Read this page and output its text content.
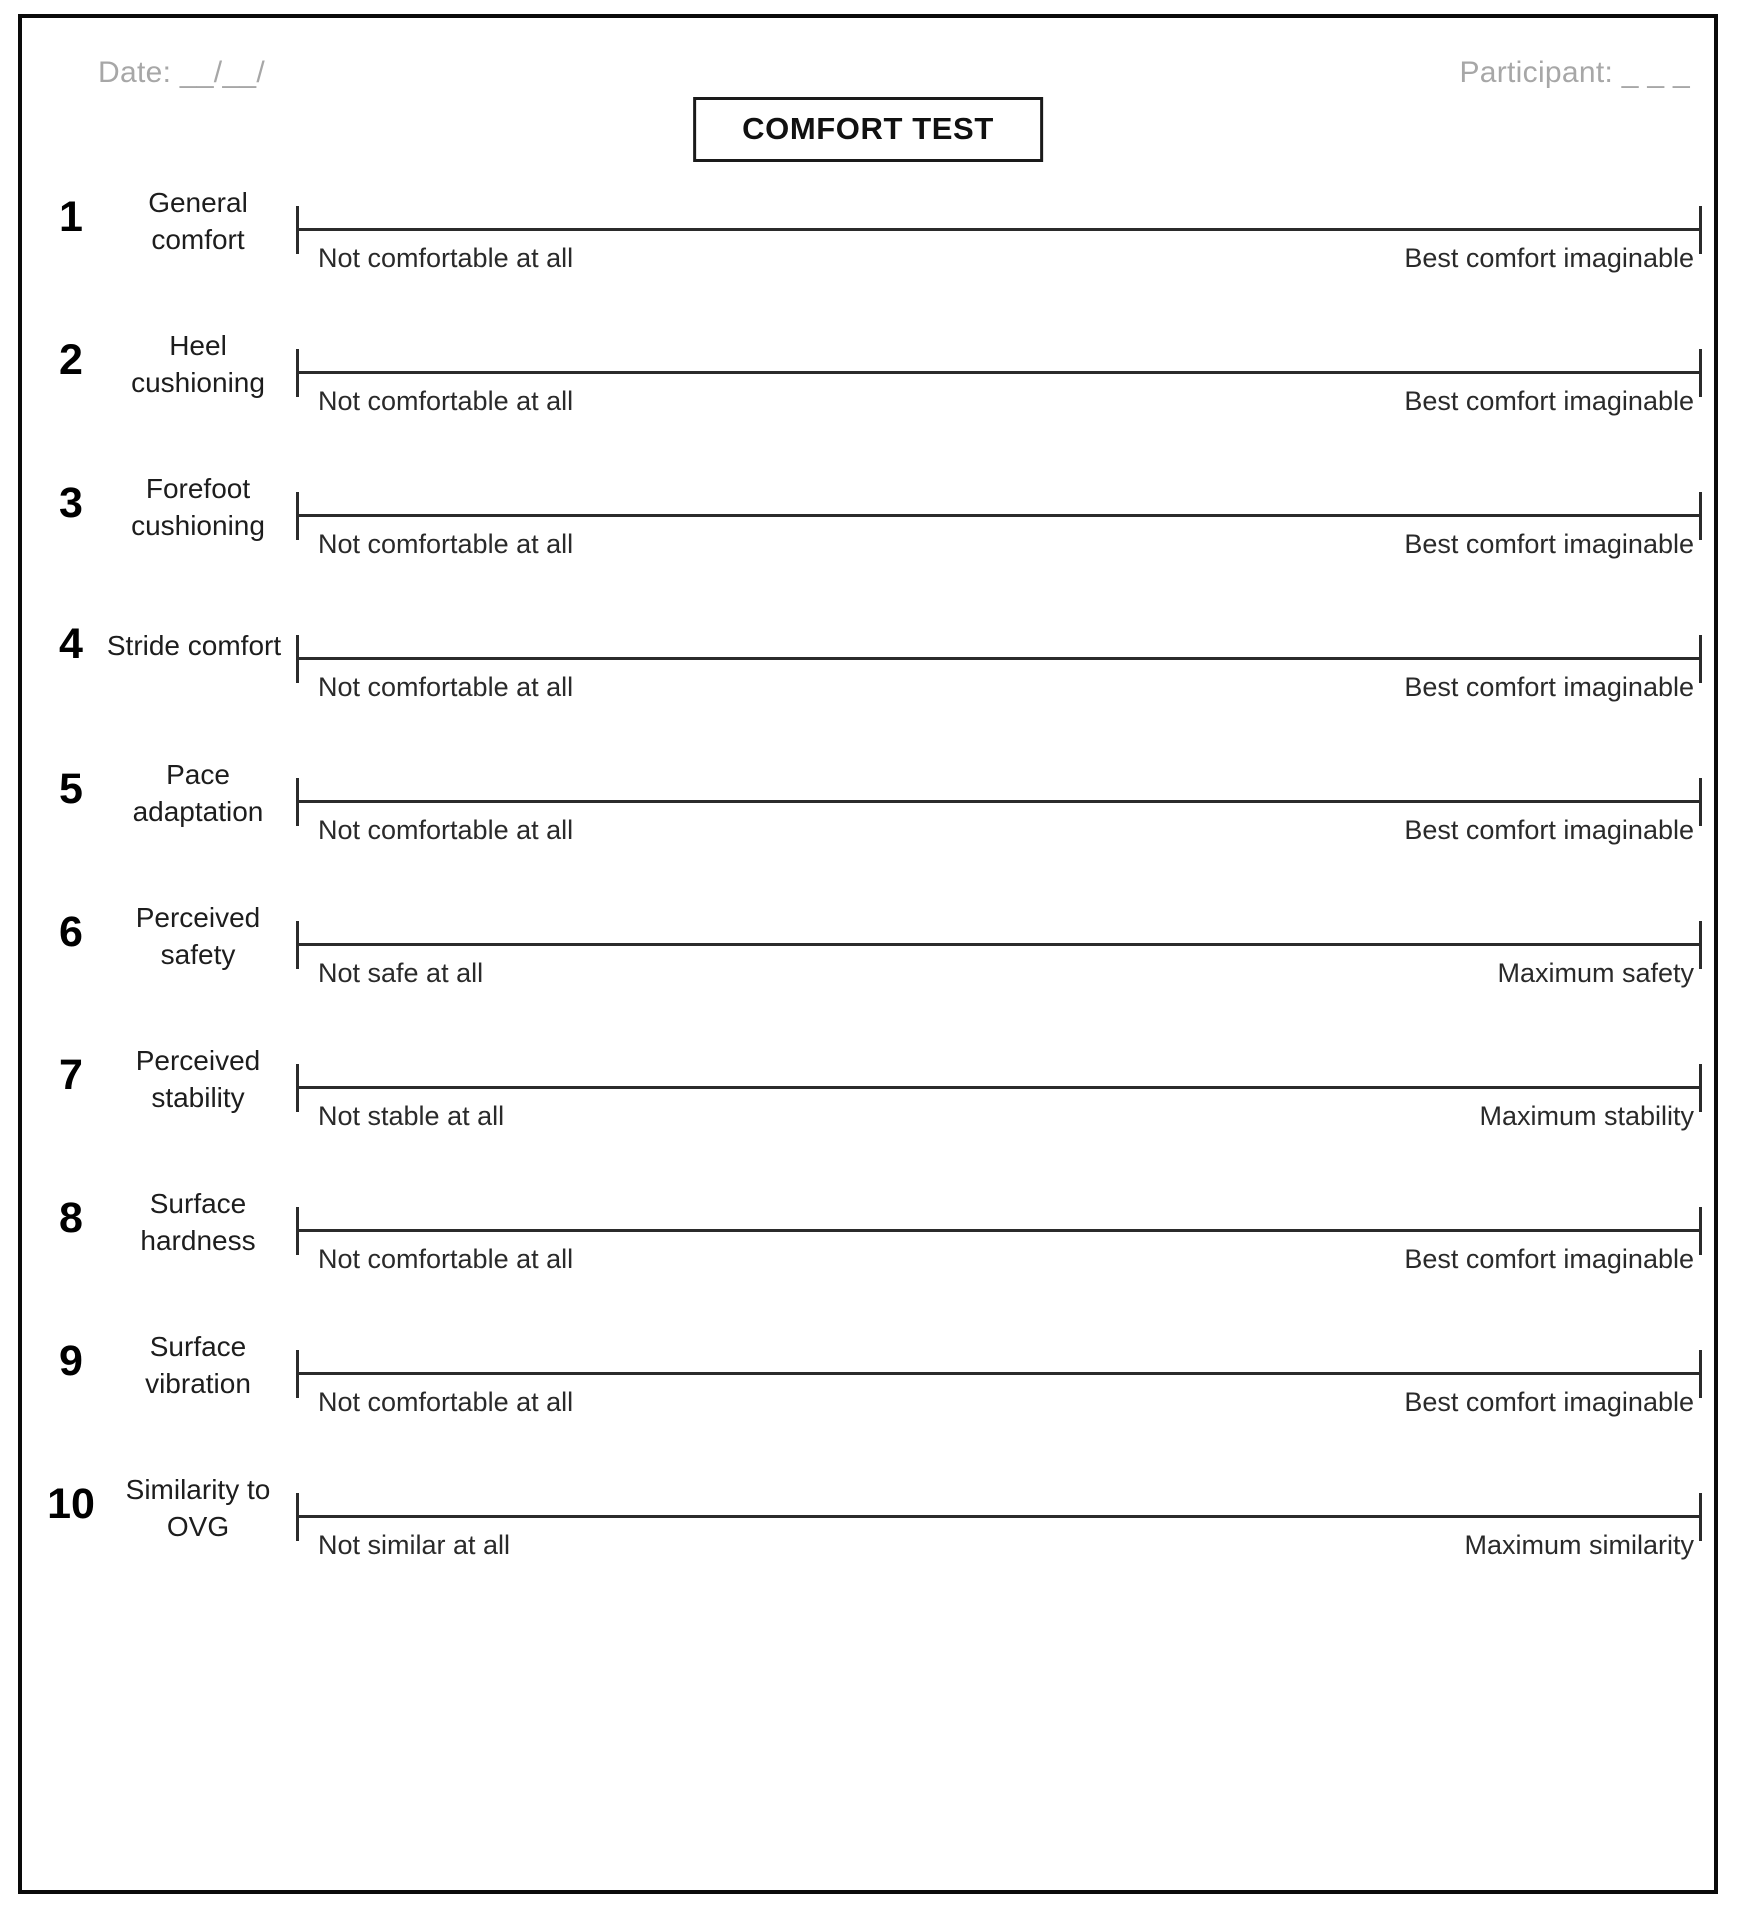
Date: __/__/	Participant: _ _ _
COMFORT TEST
1	General comfort
Not comfortable at all	Best comfort imaginable
2	Heel cushioning
Not comfortable at all	Best comfort imaginable
3	Forefoot cushioning
Not comfortable at all	Best comfort imaginable
4 Stride comfort
Not comfortable at all	Best comfort imaginable
5	Pace adaptation
Not comfortable at all	Best comfort imaginable
6	Perceived safety
Not safe at all	Maximum safety
7	Perceived stability
Not stable at all	Maximum stability
8	Surface hardness
Not comfortable at all	Best comfort imaginable
9	Surface vibration
Not comfortable at all	Best comfort imaginable
10	Similarity to OVG
Not similar at all	Maximum similarity
